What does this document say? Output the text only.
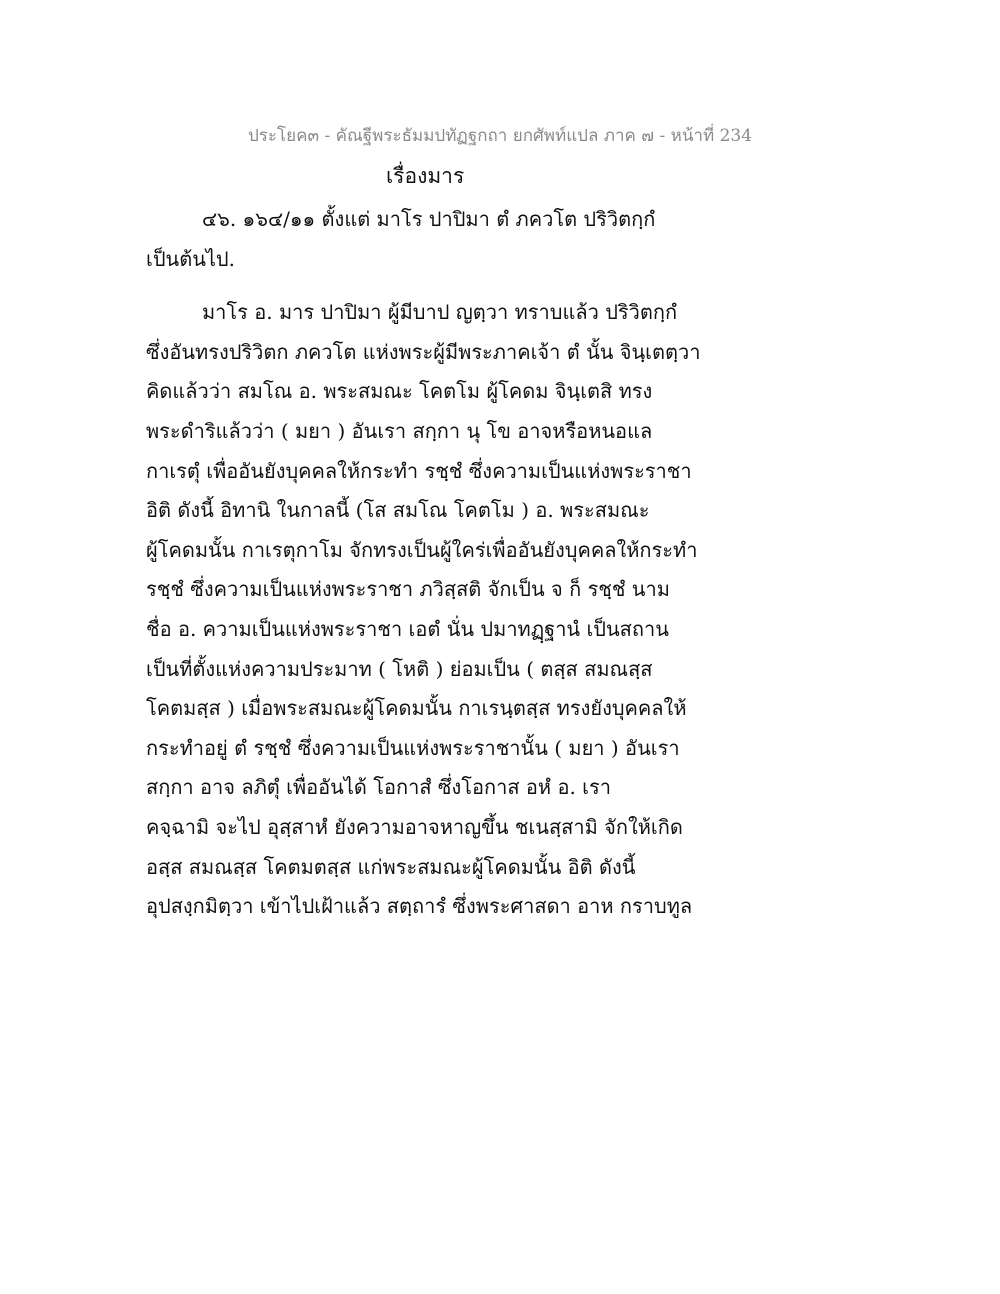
ประโยค๓ - คัณฐีพระธัมมปทัฏฐกถา ยกศัพท์แปล ภาค ๗ - หน้าที่ 234
เรื่องมาร
๔๖. ๑๖๔/๑๑ ตั้งแต่ มาโร ปาปิมา ตํ ภควโต ปริวิตกฺกํ
เป็นต้นไป.
มาโร อ. มาร ปาปิมา ผู้มีบาป ญตฺวา ทราบแล้ว ปริวิตกฺกํ
ซึ่งอันทรงปริวิตก ภควโต แห่งพระผู้มีพระภาคเจ้า ตํ นั้น จินฺเตตฺวา
คิดแล้วว่า สมโณ อ. พระสมณะ โคตโม ผู้โคดม จินฺเตสิ ทรง
พระดำริแล้วว่า ( มยา ) อันเรา สกฺกา นุ โข อาจหรือหนอแล
กาเรตุํ เพื่ออันยังบุคคลให้กระทำ รชฺชํ ซึ่งความเป็นแห่งพระราชา
อิติ ดังนี้ อิทานิ ในกาลนี้ (โส สมโณ โคตโม ) อ. พระสมณะ
ผู้โคดมนั้น กาเรตุกาโม จักทรงเป็นผู้ใคร่เพื่ออันยังบุคคลให้กระทำ
รชฺชํ ซึ่งความเป็นแห่งพระราชา ภวิสฺสติ จักเป็น จ ก็ รชฺชํ นาม
ชื่อ อ. ความเป็นแห่งพระราชา เอตํ นั่น ปมาทฏฺฐานํ เป็นสถาน
เป็นที่ตั้งแห่งความประมาท ( โหติ ) ย่อมเป็น ( ตสฺส สมณสฺส
โคตมสฺส ) เมื่อพระสมณะผู้โคดมนั้น กาเรนฺตสฺส ทรงยังบุคคลให้
กระทำอยู่ ตํ รชฺชํ ซึ่งความเป็นแห่งพระราชานั้น ( มยา ) อันเรา
สกฺกา อาจ ลภิตุํ เพื่ออันได้ โอกาสํ ซึ่งโอกาส อหํ อ. เรา
คจฺฉามิ จะไป อุสฺสาหํ ยังความอาจหาญขึ้น ชเนสฺสามิ จักให้เกิด
อสฺส สมณสฺส โคตมตสฺส แก่พระสมณะผู้โคดมนั้น อิติ ดังนี้
อุปสงฺกมิตฺวา เข้าไปเฝ้าแล้ว สตฺถารํ ซึ่งพระศาสดา อาห กราบทูล
